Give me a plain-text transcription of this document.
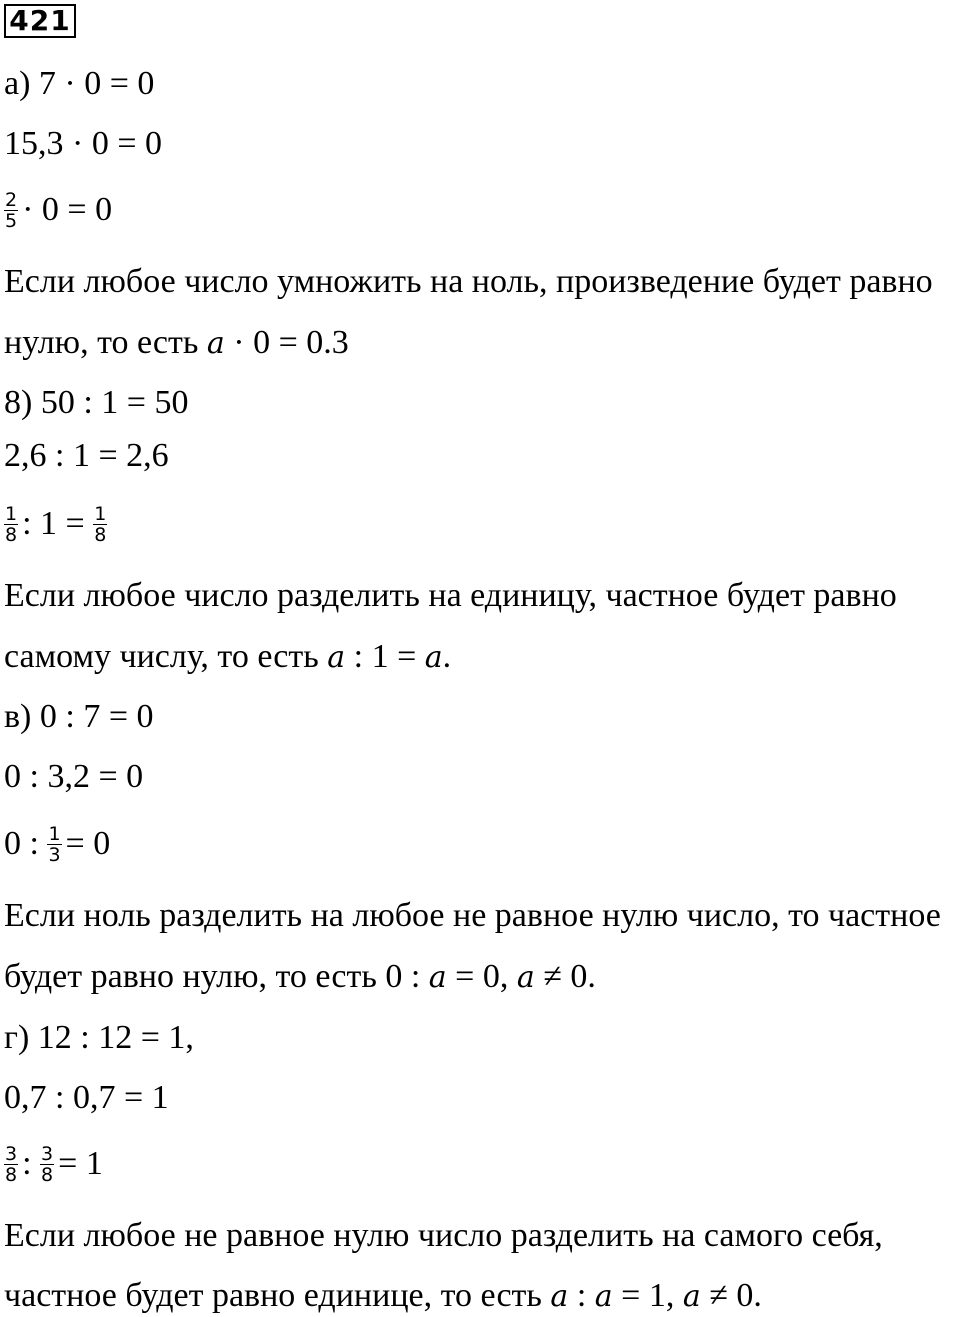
421
а) 7 · 0 = 0
15,3 · 0 = 0
$\frac{2}{5} \cdot 0 = 0$
Если любое число умножить на ноль, произведение будет равно
нулю, то есть a · 0 = 0.3
8) 50 : 1 = 50
2,6 : 1 = 2,6
$\frac{1}{8}$ : $1 = \frac{1}{8}$
Если любое число разделить на единицу, частное будет равно
самому числу, то есть a : 1 = a.
в) 0 : 7 = 0
0 : 3,2 = 0
0 : $\frac{1}{3} = 0$
Если ноль разделить на любое не равное нулю число, то частное
будет равно нулю, то есть 0 : a = 0, a ≠ 0.
г) 12 : 12 = 1,
0,7 : 0,7 = 1
$\frac{3}{8}$ : $\frac{3}{8} = 1$
Если любое не равное нулю число разделить на самого себя,
частное будет равно единице, то есть a : a = 1, a ≠ 0.
